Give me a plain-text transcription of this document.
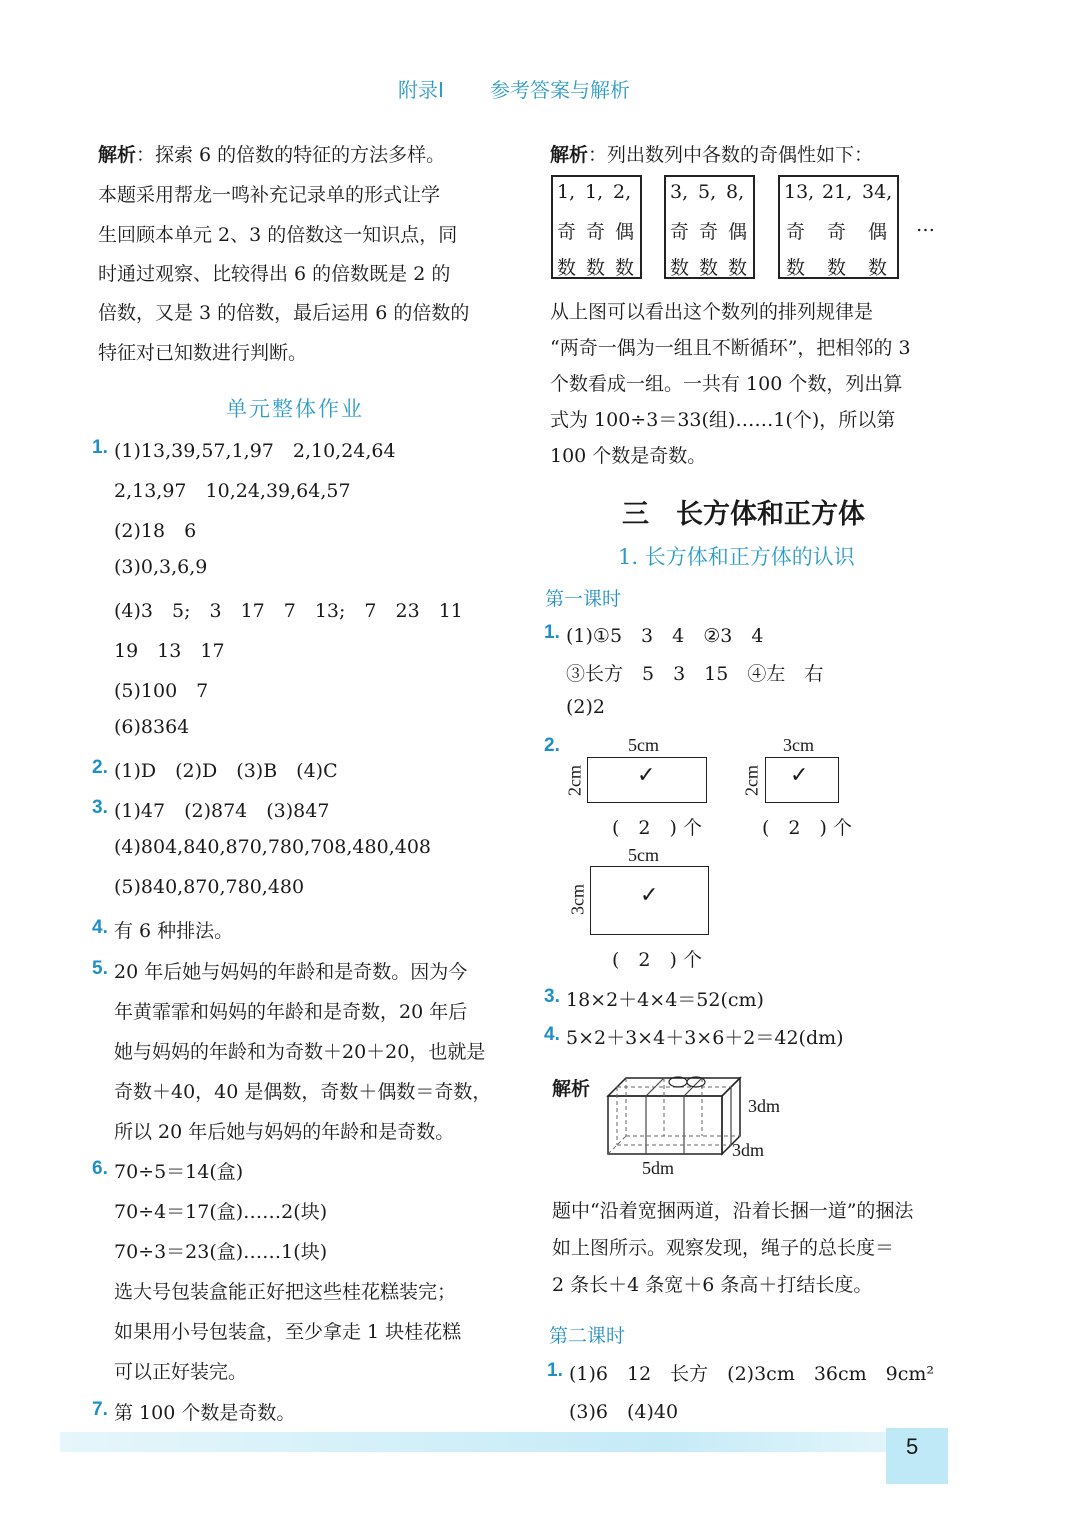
附录Ⅰ 参考答案与解析
解析：探索 6 的倍数的特征的方法多样。
本题采用帮龙一鸣补充记录单的形式让学
生回顾本单元 2、3 的倍数这一知识点，同
时通过观察、比较得出 6 的倍数既是 2 的
倍数，又是 3 的倍数，最后运用 6 的倍数的
特征对已知数进行判断。
单元整体作业
1. (1)13,39,57,1,97　2,10,24,64
2,13,97　10,24,39,64,57
(2)18　6
(3)0,3,6,9
(4)3　5;　3　17　7　13;　7　23　11
19　13　17
(5)100　7
(6)8364
2. (1)D　(2)D　(3)B　(4)C
3. (1)47　(2)874　(3)847
(4)804,840,870,780,708,480,408
(5)840,870,780,480
4. 有 6 种排法。
5. 20 年后她与妈妈的年龄和是奇数。因为今
年黄霏霏和妈妈的年龄和是奇数，20 年后
她与妈妈的年龄和为奇数＋20＋20，也就是
奇数＋40，40 是偶数，奇数＋偶数＝奇数，
所以 20 年后她与妈妈的年龄和是奇数。
6. 70÷5＝14(盒)
70÷4＝17(盒)……2(块)
70÷3＝23(盒)……1(块)
选大号包装盒能正好把这些桂花糕装完；
如果用小号包装盒，至少拿走 1 块桂花糕
可以正好装完。
7. 第 100 个数是奇数。
解析：列出数列中各数的奇偶性如下：
1, 1, 2,
奇 奇 偶
数 数 数
3, 5, 8,
奇 奇 偶
数 数 数
13, 21, 34,
奇 奇 偶
数 数 数
…
从上图可以看出这个数列的排列规律是
“两奇一偶为一组且不断循环”，把相邻的 3
个数看成一组。一共有 100 个数，列出算
式为 100÷3＝33(组)……1(个)，所以第
100 个数是奇数。
三　长方体和正方体
1. 长方体和正方体的认识
第一课时
1. (1)①5　3　4　②3　4
③长方　5　3　15　④左　右
(2)2
2.	5cm
2cm ✓
(　2　) 个
3cm
2cm ✓
(　2　) 个
5cm
3cm ✓
(　2　) 个
3. 18×2＋4×4＝52(cm)
4. 5×2＋3×4＋3×6＋2＝42(dm)
解析
3dm
3dm
5dm
题中“沿着宽捆两道，沿着长捆一道”的捆法
如上图所示。观察发现，绳子的总长度＝
2 条长＋4 条宽＋6 条高＋打结长度。
第二课时
1. (1)6　12　长方　(2)3cm　36cm　9cm²
(3)6　(4)40
5
